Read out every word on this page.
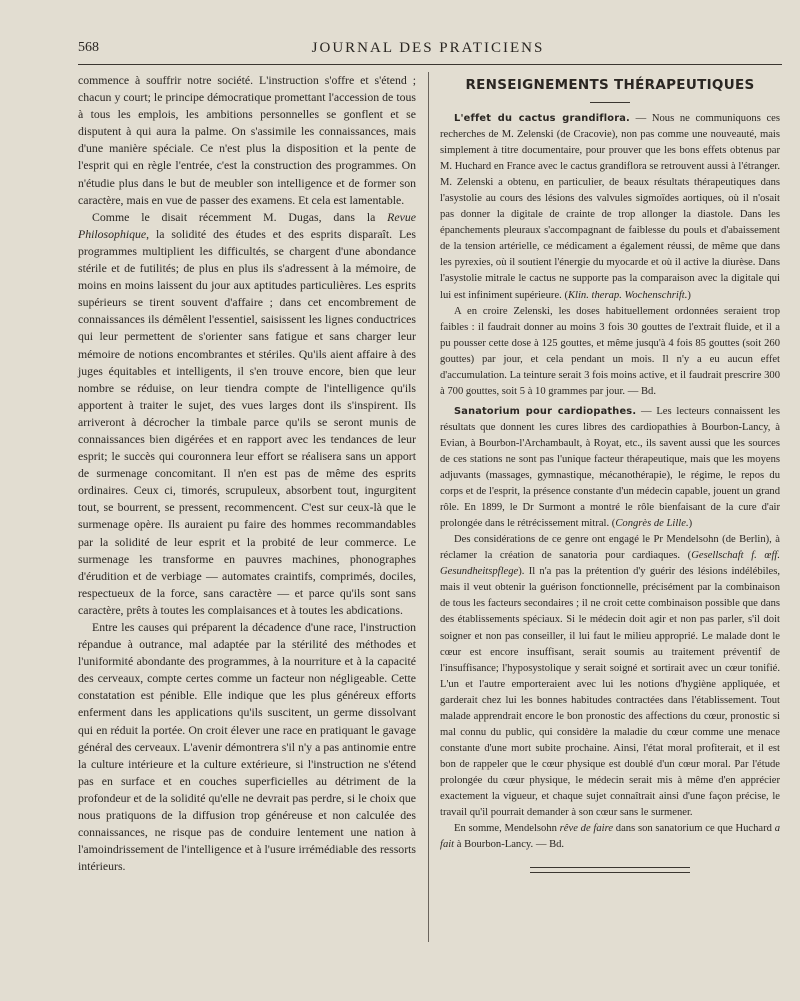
568	JOURNAL DES PRATICIENS

commence à souffrir notre société. L'instruction s'offre et s'étend ; chacun y court; le principe démocratique promettant l'accession de tous à tous les emplois, les ambitions personnelles se gonflent et se disputent à qui aura la palme. On s'assimile les connaissances, mais d'une manière spéciale. Ce n'est plus la disposition et la pente de l'esprit qui en règle l'entrée, c'est la construction des programmes. On n'étudie plus dans le but de meubler son intelligence et de former son caractère, mais en vue de passer des examens. Et cela est lamentable.

Comme le disait récemment M. Dugas, dans la Revue Philosophique, la solidité des études et des esprits disparaît. Les programmes multiplient les difficultés, se chargent d'une abondance stérile et de futilités; de plus en plus ils s'adressent à la mémoire, de moins en moins laissent du jour aux aptitudes particulières. Les esprits supérieurs se tirent souvent d'affaire ; dans cet encombrement de connaissances ils démêlent l'essentiel, saisissent les lignes conductrices qui leur permettent de s'orienter sans fatigue et sans charger leur mémoire de notions encombrantes et stériles. Qu'ils aient affaire à des juges équitables et intelligents, il s'en trouve encore, bien que leur nombre se réduise, on leur tiendra compte de l'intelligence qu'ils apportent à traiter le sujet, des vues larges dont ils s'inspirent. Ils arriveront à décrocher la timbale parce qu'ils se seront munis de connaissances bien digérées et en rapport avec les tendances de leur esprit; le succès qui couronnera leur effort se réalisera sans un apport de surmenage concomitant. Il n'en est pas de même des esprits ordinaires. Ceux ci, timorés, scrupuleux, absorbent tout, ingurgitent tout, se bourrent, se pressent, recommencent. C'est sur ceux-là que le surmenage opère. Ils auraient pu faire des hommes recommandables par la solidité de leur esprit et la probité de leur commerce. Le surmenage les transforme en pauvres machines, phonographes d'érudition et de verbiage — automates craintifs, comprimés, dociles, respectueux de la force, sans caractère — et parce qu'ils sont sans caractère, prêts à toutes les complaisances et à toutes les abdications.

Entre les causes qui préparent la décadence d'une race, l'instruction répandue à outrance, mal adaptée par la stérilité des méthodes et l'uniformité abondante des programmes, à la nourriture et à la capacité des cerveaux, compte certes comme un facteur non négligeable. Cette constatation est pénible. Elle indique que les plus généreux efforts enferment dans les applications qu'ils suscitent, un germe dissolvant qui en réduit la portée. On croit élever une race en pratiquant le gavage général des cerveaux. L'avenir démontrera s'il n'y a pas antinomie entre la culture intérieure et la culture extérieure, si l'instruction ne s'étend pas en surface et en couches superficielles au détriment de la profondeur et de la solidité qu'elle ne devrait pas perdre, si le choix que nous pratiquons de la diffusion trop généreuse et non calculée des connaissances, ne risque pas de conduire lentement une nation à l'amoindrissement de l'intelligence et à l'usure irrémédiable des ressorts intérieurs.

RENSEIGNEMENTS THÉRAPEUTIQUES

L'effet du cactus grandiflora. — Nous ne communiquons ces recherches de M. Zelenski (de Cracovie), non pas comme une nouveauté, mais simplement à titre documentaire, pour prouver que les bons effets obtenus par M. Huchard en France avec le cactus grandiflora se retrouvent aussi à l'étranger. M. Zelenski a obtenu, en particulier, de beaux résultats thérapeutiques dans l'asystolie au cours des lésions des valvules sigmoïdes aortiques, où il n'osait pas donner la digitale de crainte de trop allonger la diastole. Dans les épanchements pleuraux s'accompagnant de faiblesse du pouls et d'abaissement de la tension artérielle, ce médicament a également réussi, de même que dans les pyrexies, où il soutient l'énergie du myocarde et où il active la diurèse. Dans l'asystolie mitrale le cactus ne supporte pas la comparaison avec la digitale qui lui est infiniment supérieure. (Klin. therap. Wochenschrift.)

A en croire Zelenski, les doses habituellement ordonnées seraient trop faibles : il faudrait donner au moins 3 fois 30 gouttes de l'extrait fluide, et il a pu pousser cette dose à 125 gouttes, et même jusqu'à 4 fois 85 gouttes (soit 260 gouttes) par jour, et cela pendant un mois. Il n'y a eu aucun effet d'accumulation. La teinture serait 3 fois moins active, et il faudrait prescrire 300 à 700 gouttes, soit 5 à 10 grammes par jour. — Bd.

Sanatorium pour cardiopathes. — Les lecteurs connaissent les résultats que donnent les cures libres des cardiopathies à Bourbon-Lancy, à Evian, à Bourbon-l'Archambault, à Royat, etc., ils savent aussi que les sources de ces stations ne sont pas l'unique facteur thérapeutique, mais que les moyens adjuvants (massages, gymnastique, mécanothérapie), le régime, le repos du corps et de l'esprit, la présence constante d'un médecin capable, jouent un grand rôle. En 1899, le Dr Surmont a montré le rôle bienfaisant de la cure d'air prolongée dans le rétrécissement mitral. (Congrès de Lille.)

Des considérations de ce genre ont engagé le Pr Mendelsohn (de Berlin), à réclamer la création de sanatoria pour cardiaques. (Gesellschaft f. œff. Gesundheitspflege). Il n'a pas la prétention d'y guérir des lésions indélébiles, mais il veut obtenir la guérison fonctionnelle, précisément par la combinaison de tous les facteurs secondaires ; il ne croit cette combinaison possible que dans des établissements spéciaux. Si le médecin doit agir et non pas parler, s'il doit soigner et non pas conseiller, il lui faut le milieu approprié. Le malade dont le cœur est encore insuffisant, serait soumis au traitement préventif de l'insuffisance; l'hyposystolique y serait soigné et sortirait avec un cœur tonifié. L'un et l'autre emporteraient avec lui les notions d'hygiène appliquée, et garderait chez lui les bonnes habitudes contractées dans l'établissement. Tout malade apprendrait encore le bon pronostic des affections du cœur, pronostic si mal connu du public, qui considère la maladie du cœur comme une menace constante d'une mort subite prochaine. Ainsi, l'état moral profiterait, et il est bon de rappeler que le cœur physique est doublé d'un cœur moral. Par l'étude prolongée du cœur physique, le médecin serait mis à même d'en apprécier exactement la vigueur, et chaque sujet connaîtrait ainsi d'une façon précise, le travail qu'il pourrait demander à son cœur sans le surmener.

En somme, Mendelsohn rêve de faire dans son sanatorium ce que Huchard a fait à Bourbon-Lancy. — Bd.
